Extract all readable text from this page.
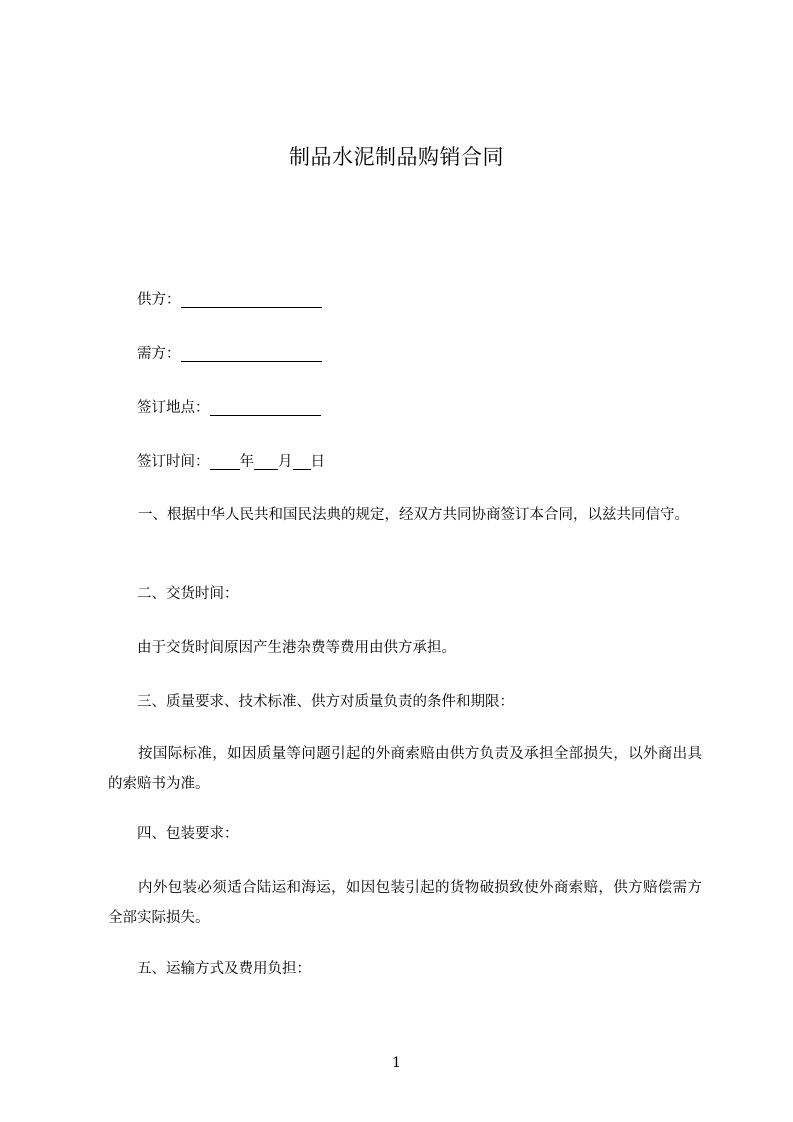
制品水泥制品购销合同
供方：
需方：
签订地点：
签订时间： 年 月 日
一、根据中华人民共和国民法典的规定，经双方共同协商签订本合同，以兹共同信守。
二、交货时间：
由于交货时间原因产生港杂费等费用由供方承担。
三、质量要求、技术标准、供方对质量负责的条件和期限：
按国际标准，如因质量等问题引起的外商索赔由供方负责及承担全部损失，以外商出具的索赔书为准。
四、包装要求：
内外包装必须适合陆运和海运，如因包装引起的货物破损致使外商索赔，供方赔偿需方全部实际损失。
五、运输方式及费用负担：
1
